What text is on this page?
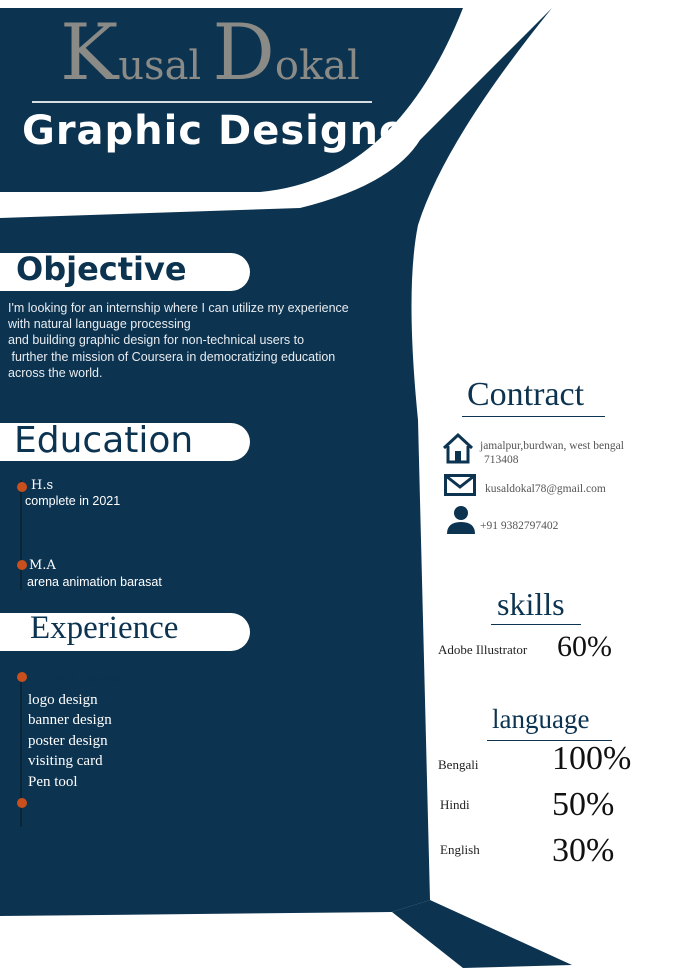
Kusal Dokal
Graphic Designer
Objective
I'm looking for an internship where I can utilize my experience
with natural language processing
and building graphic design for non-technical users to
further the mission of Coursera in democratizing education
across the world.
Education
H.s
complete in 2021
M.A
arena animation barasat
Experience
Adobe Illustrator :
logo design
banner design
poster design
visiting card
Pen tool
Contract
jamalpur,burdwan, west bengal
713408
kusaldokal78@gmail.com
+91 9382797402
skills
Adobe Illustrator 60%
language
Bengali 100%
Hindi 50%
English 30%
